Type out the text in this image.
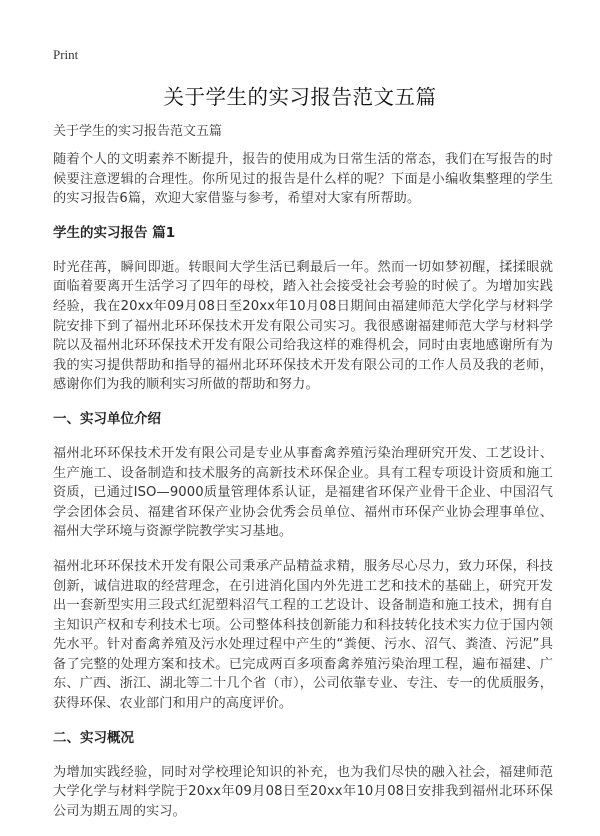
Print
关于学生的实习报告范文五篇
关于学生的实习报告范文五篇

随着个人的文明素养不断提升，报告的使用成为日常生活的常态，我们在写报告的时候要注意逻辑的合理性。你所见过的报告是什么样的呢？下面是小编收集整理的学生的实习报告6篇，欢迎大家借鉴与参考，希望对大家有所帮助。

学生的实习报告 篇1

时光荏苒，瞬间即逝。转眼间大学生活已剩最后一年。然而一切如梦初醒，揉揉眼就面临着要离开生活学习了四年的母校，踏入社会接受社会考验的时候了。为增加实践经验，我在20xx年09月08日至20xx年10月08日期间由福建师范大学化学与材料学院安排下到了福州北环环保技术开发有限公司实习。我很感谢福建师范大学与材料学院以及福州北环环保技术开发有限公司给我这样的难得机会，同时由衷地感谢所有为我的实习提供帮助和指导的福州北环环保技术开发有限公司的工作人员及我的老师，感谢你们为我的顺利实习所做的帮助和努力。

一、实习单位介绍

福州北环环保技术开发有限公司是专业从事畜禽养殖污染治理研究开发、工艺设计、生产施工、设备制造和技术服务的高新技术环保企业。具有工程专项设计资质和施工资质，已通过ISO—9000质量管理体系认证，是福建省环保产业骨干企业、中国沼气学会团体会员、福建省环保产业协会优秀会员单位、福州市环保产业协会理事单位、福州大学环境与资源学院教学实习基地。

福州北环环保技术开发有限公司秉承产品精益求精，服务尽心尽力，致力环保，科技创新，诚信进取的经营理念，在引进消化国内外先进工艺和技术的基础上，研究开发出一套新型实用三段式红泥塑料沼气工程的工艺设计、设备制造和施工技术，拥有自主知识产权和专利技术七项。公司整体科技创新能力和科技转化技术实力位于国内领先水平。针对畜禽养殖及污水处理过程中产生的“粪便、污水、沼气、粪渣、污泥”具备了完整的处理方案和技术。已完成两百多项畜禽养殖污染治理工程，遍布福建、广东、广西、浙江、湖北等二十几个省（市），公司依靠专业、专注、专一的优质服务，获得环保、农业部门和用户的高度评价。

二、实习概况

为增加实践经验，同时对学校理论知识的补充，也为我们尽快的融入社会，福建师范大学化学与材料学院于20xx年09月08日至20xx年10月08日安排我到福州北环环保公司为期五周的实习。
